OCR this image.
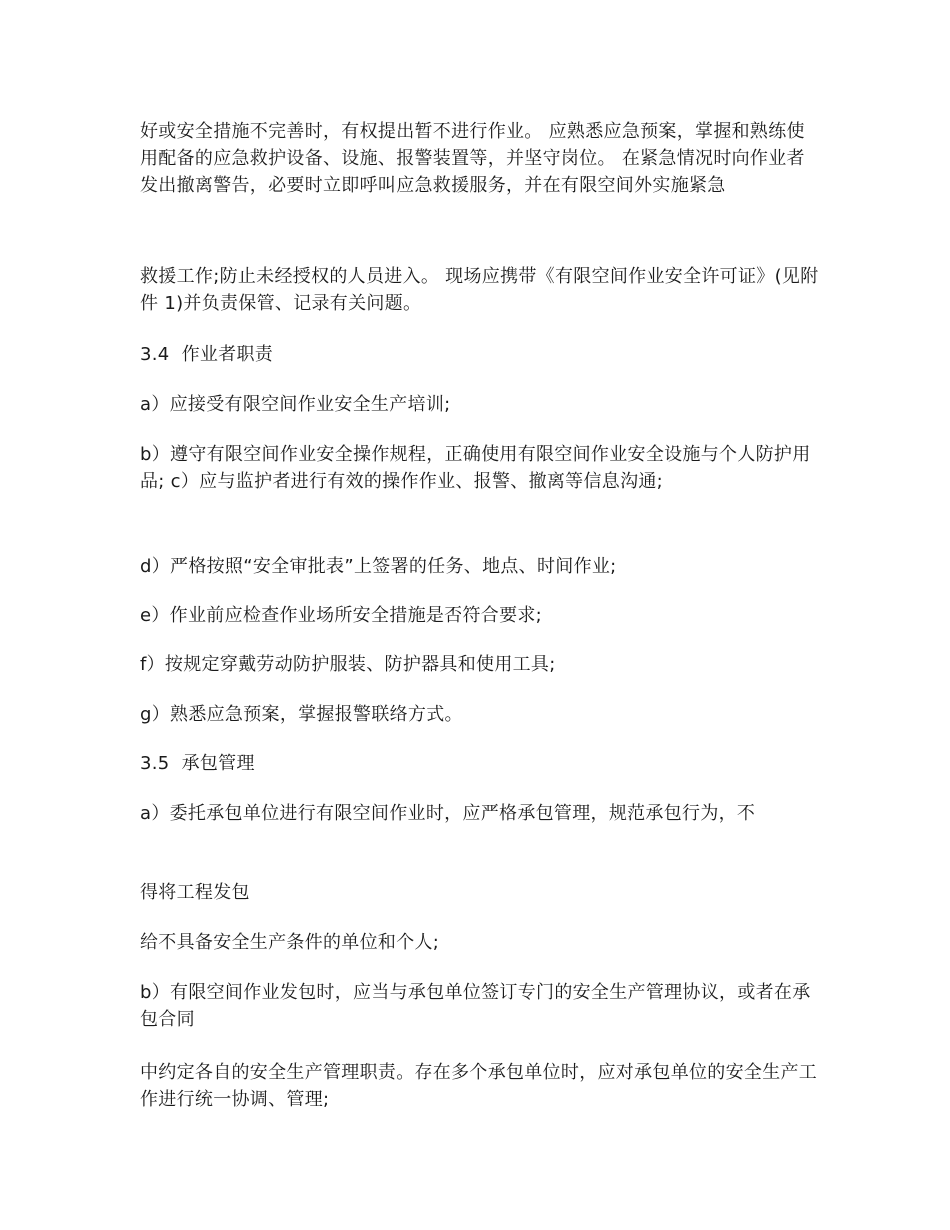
好或安全措施不完善时，有权提出暂不进行作业。 应熟悉应急预案，掌握和熟练使用配备的应急救护设备、设施、报警装置等，并坚守岗位。 在紧急情况时向作业者发出撤离警告，必要时立即呼叫应急救援服务，并在有限空间外实施紧急

救援工作;防止未经授权的人员进入。 现场应携带《有限空间作业安全许可证》(见附件 1)并负责保管、记录有关问题。

3.4  作业者职责

a）应接受有限空间作业安全生产培训;

b）遵守有限空间作业安全操作规程，正确使用有限空间作业安全设施与个人防护用品; c）应与监护者进行有效的操作作业、报警、撤离等信息沟通;

d）严格按照“安全审批表”上签署的任务、地点、时间作业;

e）作业前应检查作业场所安全措施是否符合要求;

f）按规定穿戴劳动防护服装、防护器具和使用工具;

g）熟悉应急预案，掌握报警联络方式。

3.5  承包管理

a）委托承包单位进行有限空间作业时，应严格承包管理，规范承包行为，不

得将工程发包

给不具备安全生产条件的单位和个人;

b）有限空间作业发包时，应当与承包单位签订专门的安全生产管理协议，或者在承包合同

中约定各自的安全生产管理职责。存在多个承包单位时，应对承包单位的安全生产工作进行统一协调、管理;
